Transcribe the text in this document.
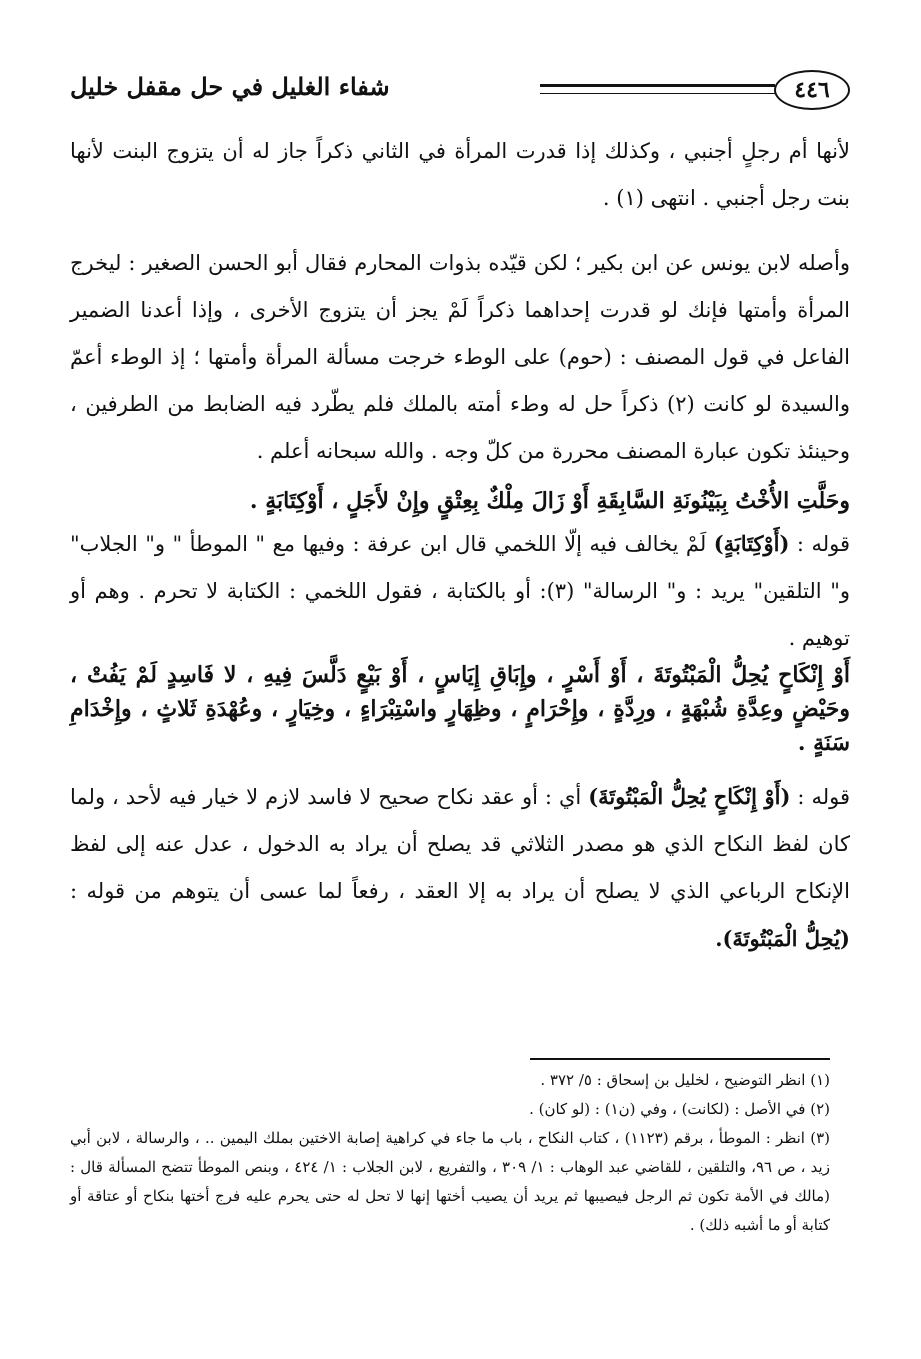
٤٤٦
شفاء الغليل في حل مقفل خليل

لأنها أم رجلٍ أجنبي ، وكذلك إذا قدرت المرأة في الثاني ذكراً جاز له أن يتزوج البنت لأنها بنت رجل أجنبي . انتهى (١) .

وأصله لابن يونس عن ابن بكير ؛ لكن قيّده بذوات المحارم فقال أبو الحسن الصغير : ليخرج المرأة وأمتها فإنك لو قدرت إحداهما ذكراً لَمْ يجز أن يتزوج الأخرى ، وإذا أعدنا الضمير الفاعل في قول المصنف : (حوم) على الوطء خرجت مسألة المرأة وأمتها ؛ إذ الوطء أعمّ والسيدة لو كانت (٢) ذكراً حل له وطء أمته بالملك فلم يطّرد فيه الضابط من الطرفين ، وحينئذ تكون عبارة المصنف محررة من كلّ وجه . والله سبحانه أعلم .

وحَلَّتِ الأُخْتُ بِبَيْنُونَةِ السَّابِقَةِ أَوْ زَالَ مِلْكٌ بِعِتْقٍ وإِنْ لأَجَلٍ ، أَوْكِتَابَةٍ .

قوله : (أَوْكِتَابَةٍ) لَمْ يخالف فيه إلّا اللخمي قال ابن عرفة : وفيها مع " الموطأ " و" الجلاب" و" التلقين" يريد : و" الرسالة" (٣): أو بالكتابة ، فقول اللخمي : الكتابة لا تحرم . وهم أو توهيم .

أَوْ إِنْكَاحٍ يُحِلُّ الْمَبْتُوتَةَ ، أَوْ أَسْرٍ ، وإِبَاقِ إِيَاسٍ ، أَوْ بَيْعٍ دَلَّسَ فِيهِ ، لا فَاسِدٍ لَمْ يَفُتْ ، وحَيْضٍ وعِدَّةِ شُبْهَةٍ ، ورِدَّةٍ ، وإِحْرَامٍ ، وظِهَارٍ واسْتِبْرَاءٍ ، وخِيَارٍ ، وعُهْدَةِ ثَلاثٍ ، وإِخْدَامِ سَنَةٍ .

قوله : (أَوْ إِنْكَاحٍ يُحِلُّ الْمَبْتُوتَةَ) أي : أو عقد نكاح صحيح لا فاسد لازم لا خيار فيه لأحد ، ولما كان لفظ النكاح الذي هو مصدر الثلاثي قد يصلح أن يراد به الدخول ، عدل عنه إلى لفظ الإنكاح الرباعي الذي لا يصلح أن يراد به إلا العقد ، رفعاً لما عسى أن يتوهم من قوله : (يُحِلُّ الْمَبْتُوتَةَ).

(١) انظر التوضيح ، لخليل بن إسحاق : ٥/ ٣٧٢ .

(٢) في الأصل : (لكانت) ، وفي (ن١) : (لو كان) .

(٣) انظر : الموطأ ، برقم (١١٢٣) ، كتاب النكاح ، باب ما جاء في كراهية إصابة الاختين بملك اليمين .. ، والرسالة ، لابن أبي زيد ، ص ٩٦، والتلقين ، للقاضي عبد الوهاب : ١/ ٣٠٩ ، والتفريع ، لابن الجلاب : ١/ ٤٢٤ ، وبنص الموطأ تتضح المسألة قال : (مالك في الأمة تكون ثم الرجل فيصيبها ثم يريد أن يصيب أختها إنها لا تحل له حتى يحرم عليه فرج أختها بنكاح أو عتاقة أو كتابة أو ما أشبه ذلك) .
